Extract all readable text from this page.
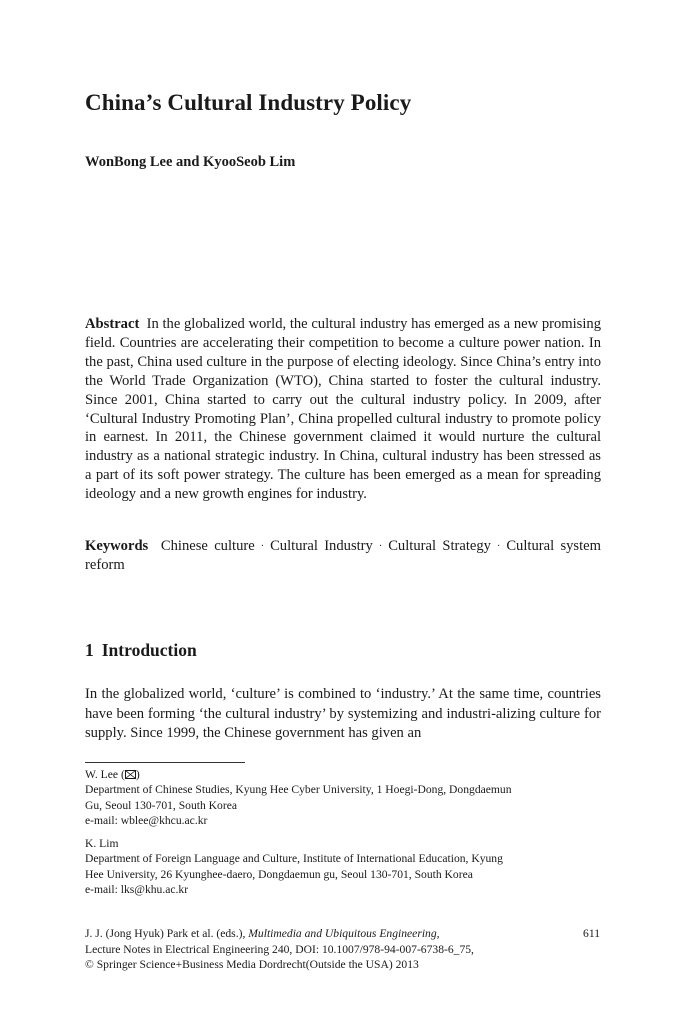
China’s Cultural Industry Policy

WonBong Lee and KyooSeob Lim

Abstract In the globalized world, the cultural industry has emerged as a new promising field. Countries are accelerating their competition to become a culture power nation. In the past, China used culture in the purpose of electing ideology. Since China’s entry into the World Trade Organization (WTO), China started to foster the cultural industry. Since 2001, China started to carry out the cultural industry policy. In 2009, after ‘Cultural Industry Promoting Plan’, China propelled cultural industry to promote policy in earnest. In 2011, the Chinese government claimed it would nurture the cultural industry as a national strategic industry. In China, cultural industry has been stressed as a part of its soft power strategy. The culture has been emerged as a mean for spreading ideology and a new growth engines for industry.

Keywords Chinese culture · Cultural Industry · Cultural Strategy · Cultural system reform

1 Introduction

In the globalized world, ‘culture’ is combined to ‘industry.’ At the same time, countries have been forming ‘the cultural industry’ by systemizing and industri-alizing culture for supply. Since 1999, the Chinese government has given an

W. Lee ( )
Department of Chinese Studies, Kyung Hee Cyber University, 1 Hoegi-Dong, Dongdaemun
Gu, Seoul 130-701, South Korea
e-mail: wblee@khcu.ac.kr
K. Lim
Department of Foreign Language and Culture, Institute of International Education, Kyung
Hee University, 26 Kyunghee-daero, Dongdaemun gu, Seoul 130-701, South Korea
e-mail: lks@khu.ac.kr
J. J. (Jong Hyuk) Park et al. (eds.), Multimedia and Ubiquitous Engineering,
Lecture Notes in Electrical Engineering 240, DOI: 10.1007/978-94-007-6738-6_75,
© Springer Science+Business Media Dordrecht(Outside the USA) 2013

611
